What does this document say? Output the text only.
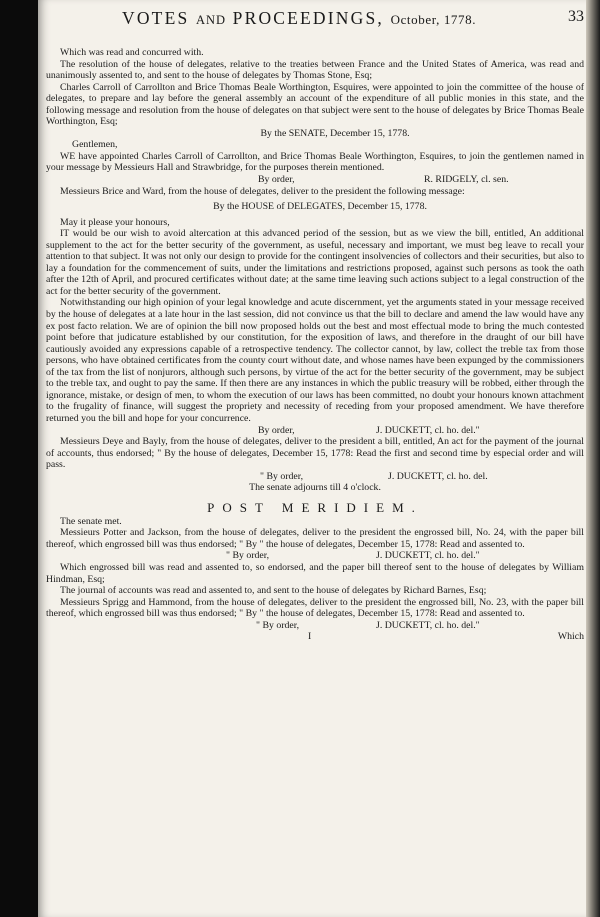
VOTES AND PROCEEDINGS, October, 1778.	33

Which was read and concurred with.

The resolution of the house of delegates, relative to the treaties between France and the United States of America, was read and unanimously assented to, and sent to the house of delegates by Thomas Stone, Esq;

Charles Carroll of Carrollton and Brice Thomas Beale Worthington, Esquires, were appointed to join the committee of the house of delegates, to prepare and lay before the general assembly an account of the expenditure of all public monies in this state, and the following message and resolution from the house of delegates on that subject were sent to the house of delegates by Brice Thomas Beale Worthington, Esq;

By the SENATE, December 15, 1778.

Gentlemen,

WE have appointed Charles Carroll of Carrollton, and Brice Thomas Beale Worthington, Esquires, to join the gentlemen named in your message by Messieurs Hall and Strawbridge, for the purposes therein mentioned.

By order,	R. RIDGELY, cl. sen.

Messieurs Brice and Ward, from the house of delegates, deliver to the president the following message:

By the HOUSE of DELEGATES, December 15, 1778.

May it please your honours,

IT would be our wish to avoid altercation at this advanced period of the session, but as we view the bill, entitled, An additional supplement to the act for the better security of the government, as useful, necessary and important, we must beg leave to recall your attention to that subject. It was not only our design to provide for the contingent insolvencies of collectors and their securities, but also to lay a foundation for the commencement of suits, under the limitations and restrictions proposed, against such persons as took the oath after the 12th of April, and procured certificates without date; at the same time leaving such actions subject to a legal construction of the act for the better security of the government.

Notwithstanding our high opinion of your legal knowledge and acute discernment, yet the arguments stated in your message received by the house of delegates at a late hour in the last session, did not convince us that the bill to declare and amend the law would have any ex post facto relation. We are of opinion the bill now proposed holds out the best and most effectual mode to bring the much contested point before that judicature established by our constitution, for the exposition of laws, and therefore in the draught of our bill have cautiously avoided any expressions capable of a retrospective tendency. The collector cannot, by law, collect the treble tax from those persons, who have obtained certificates from the county court without date, and whose names have been expunged by the commissioners of the tax from the list of nonjurors, although such persons, by virtue of the act for the better security of the government, may be subject to the treble tax, and ought to pay the same. If then there are any instances in which the public treasury will be robbed, either through the ignorance, mistake, or design of men, to whom the execution of our laws has been committed, no doubt your honours known attachment to the frugality of finance, will suggest the propriety and necessity of receding from your proposed amendment. We have therefore returned you the bill and hope for your concurrence.

By order,	J. DUCKETT, cl. ho. del."

Messieurs Deye and Bayly, from the house of delegates, deliver to the president a bill, entitled, An act for the payment of the journal of accounts, thus endorsed; " By the house of delegates, December 15, 1778: Read the first and second time by especial order and will pass.

" By order,	J. DUCKETT, cl. ho. del.

The senate adjourns till 4 o'clock.

POST MERIDIEM.

The senate met.

Messieurs Potter and Jackson, from the house of delegates, deliver to the president the engrossed bill, No. 24, with the paper bill thereof, which engrossed bill was thus endorsed; " By " the house of delegates, December 15, 1778: Read and assented to.

" By order,	J. DUCKETT, cl. ho. del."

Which engrossed bill was read and assented to, so endorsed, and the paper bill thereof sent to the house of delegates by William Hindman, Esq;

The journal of accounts was read and assented to, and sent to the house of delegates by Richard Barnes, Esq;

Messieurs Sprigg and Hammond, from the house of delegates, deliver to the president the engrossed bill, No. 23, with the paper bill thereof, which engrossed bill was thus endorsed; " By " the house of delegates, December 15, 1778: Read and assented to.

" By order,	J. DUCKETT, cl. ho. del."
I	Which
